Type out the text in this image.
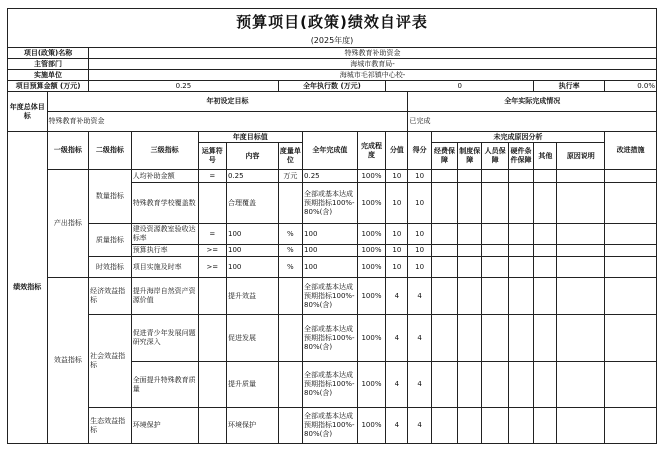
预算项目(政策)绩效自评表
(2025年度)
项目(政策)名称		特殊教育补助资金															
主管部门		海城市教育局-															
实施单位		海城市毛祁镇中心校-															
项目预算金额 (万元)		0.25				全年执行数 (万元)			0						执行率		0.0%
年度总体目标	年初设定目标									全年实际完成情况							
	特殊教育补助资金									已完成							
绩效指标	一级指标	二级指标	三级指标	年度目标值			全年完成值	完成程度	分值	得分	未完成原因分析						改进措施
				运算符号	内容	度量单位					经费保障	制度保障	人员保障	硬件条件保障	其他	原因说明	
	产出指标	数量指标	人均补助金额	=	0.25	万元	0.25	100%	10	10							
			特殊教育学校覆盖数		合理覆盖		全部或基本达成预期指标100%-80%(含)	100%	10	10							
		质量指标	建设资源教室验收达标率	=	100	%	100	100%	10	10							
			预算执行率	>=	100	%	100	100%	10	10							
		时效指标	项目实施及时率	>=	100	%	100	100%	10	10							
	效益指标	经济效益指标	提升海岸自然资产资源价值		提升效益		全部或基本达成预期指标100%-80%(含)	100%	4	4							
		社会效益指标	促进青少年发展问题研究深入		促进发展		全部或基本达成预期指标100%-80%(含)	100%	4	4							
			全面提升特殊教育质量		提升质量		全部或基本达成预期指标100%-80%(含)	100%	4	4							
		生态效益指标	环境保护		环境保护		全部或基本达成预期指标100%-80%(含)	100%	4	4							
